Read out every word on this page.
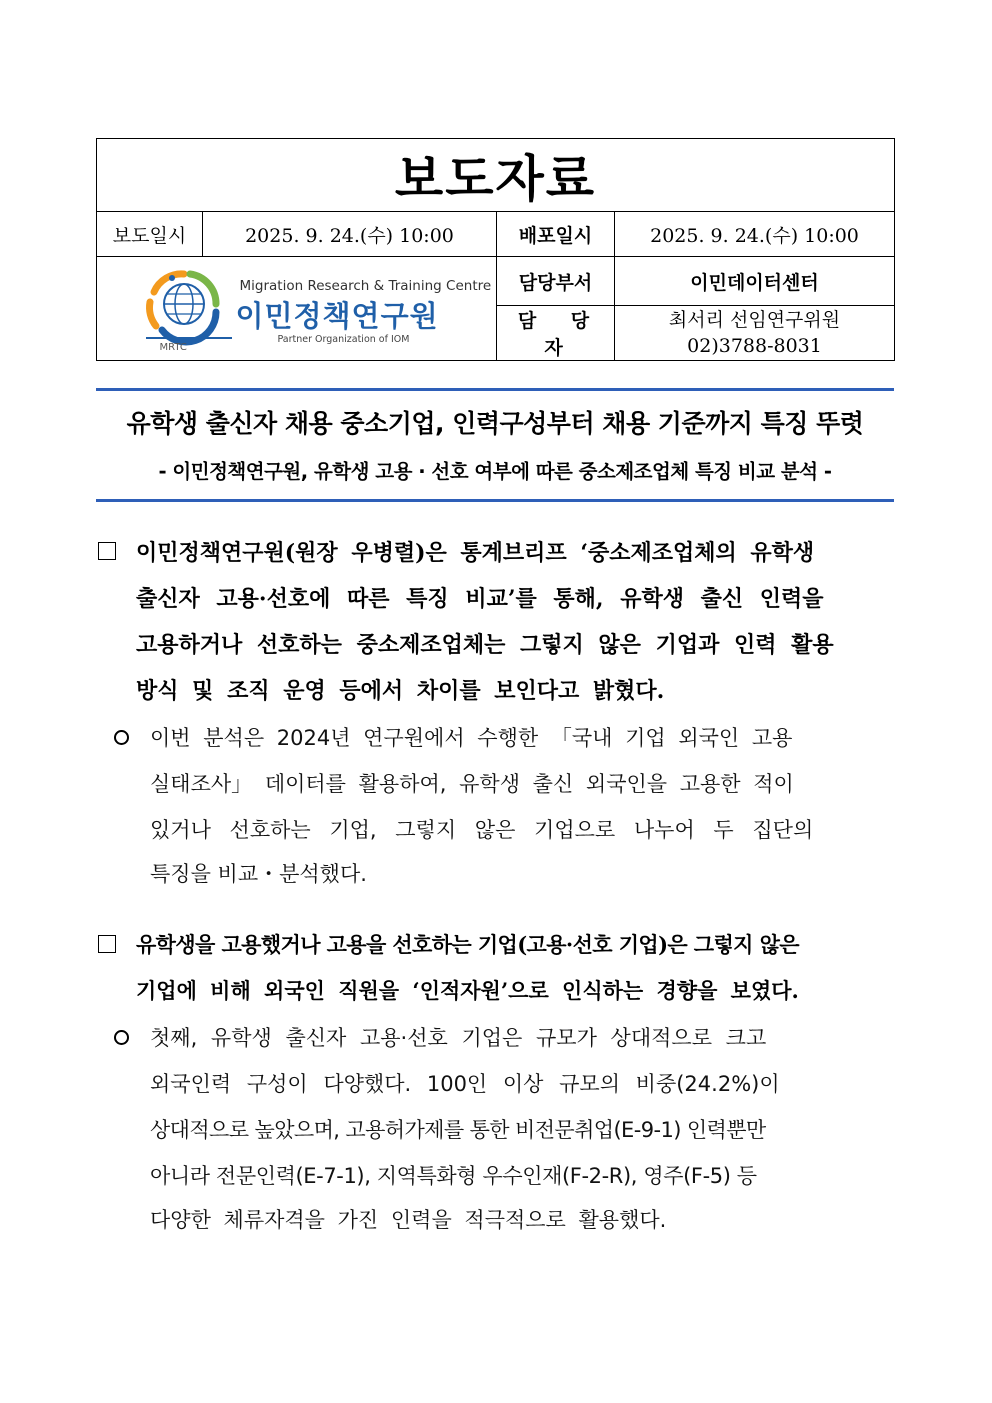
보도자료			
보도일시	2025. 9. 24.(수) 10:00	배포일시	2025. 9. 24.(수) 10:00

Migration Research & Training Centre
이민정책연구원
Partner Organization of IOM
MRTC		담당부서	이민데이터센터
		담 당 자	최서리 선임연구위원
02)3788-8031
유학생 출신자 채용 중소기업, 인력구성부터 채용 기준까지 특징 뚜렷
- 이민정책연구원, 유학생 고용 · 선호 여부에 따른 중소제조업체 특징 비교 분석 -
이민정책연구원(원장 우병렬)은 통계브리프 ‘중소제조업체의 유학생
출신자 고용·선호에 따른 특징 비교’를 통해, 유학생 출신 인력을
고용하거나 선호하는 중소제조업체는 그렇지 않은 기업과 인력 활용
방식 및 조직 운영 등에서 차이를 보인다고 밝혔다.
이번 분석은 2024년 연구원에서 수행한 「국내 기업 외국인 고용
실태조사」 데이터를 활용하여, 유학생 출신 외국인을 고용한 적이
있거나 선호하는 기업, 그렇지 않은 기업으로 나누어 두 집단의
특징을 비교・분석했다.
유학생을 고용했거나 고용을 선호하는 기업(고용·선호 기업)은 그렇지 않은
기업에 비해 외국인 직원을 ‘인적자원’으로 인식하는 경향을 보였다.
첫째, 유학생 출신자 고용·선호 기업은 규모가 상대적으로 크고
외국인력 구성이 다양했다. 100인 이상 규모의 비중(24.2%)이
상대적으로 높았으며, 고용허가제를 통한 비전문취업(E-9-1) 인력뿐만
아니라 전문인력(E-7-1), 지역특화형 우수인재(F-2-R), 영주(F-5) 등
다양한 체류자격을 가진 인력을 적극적으로 활용했다.
